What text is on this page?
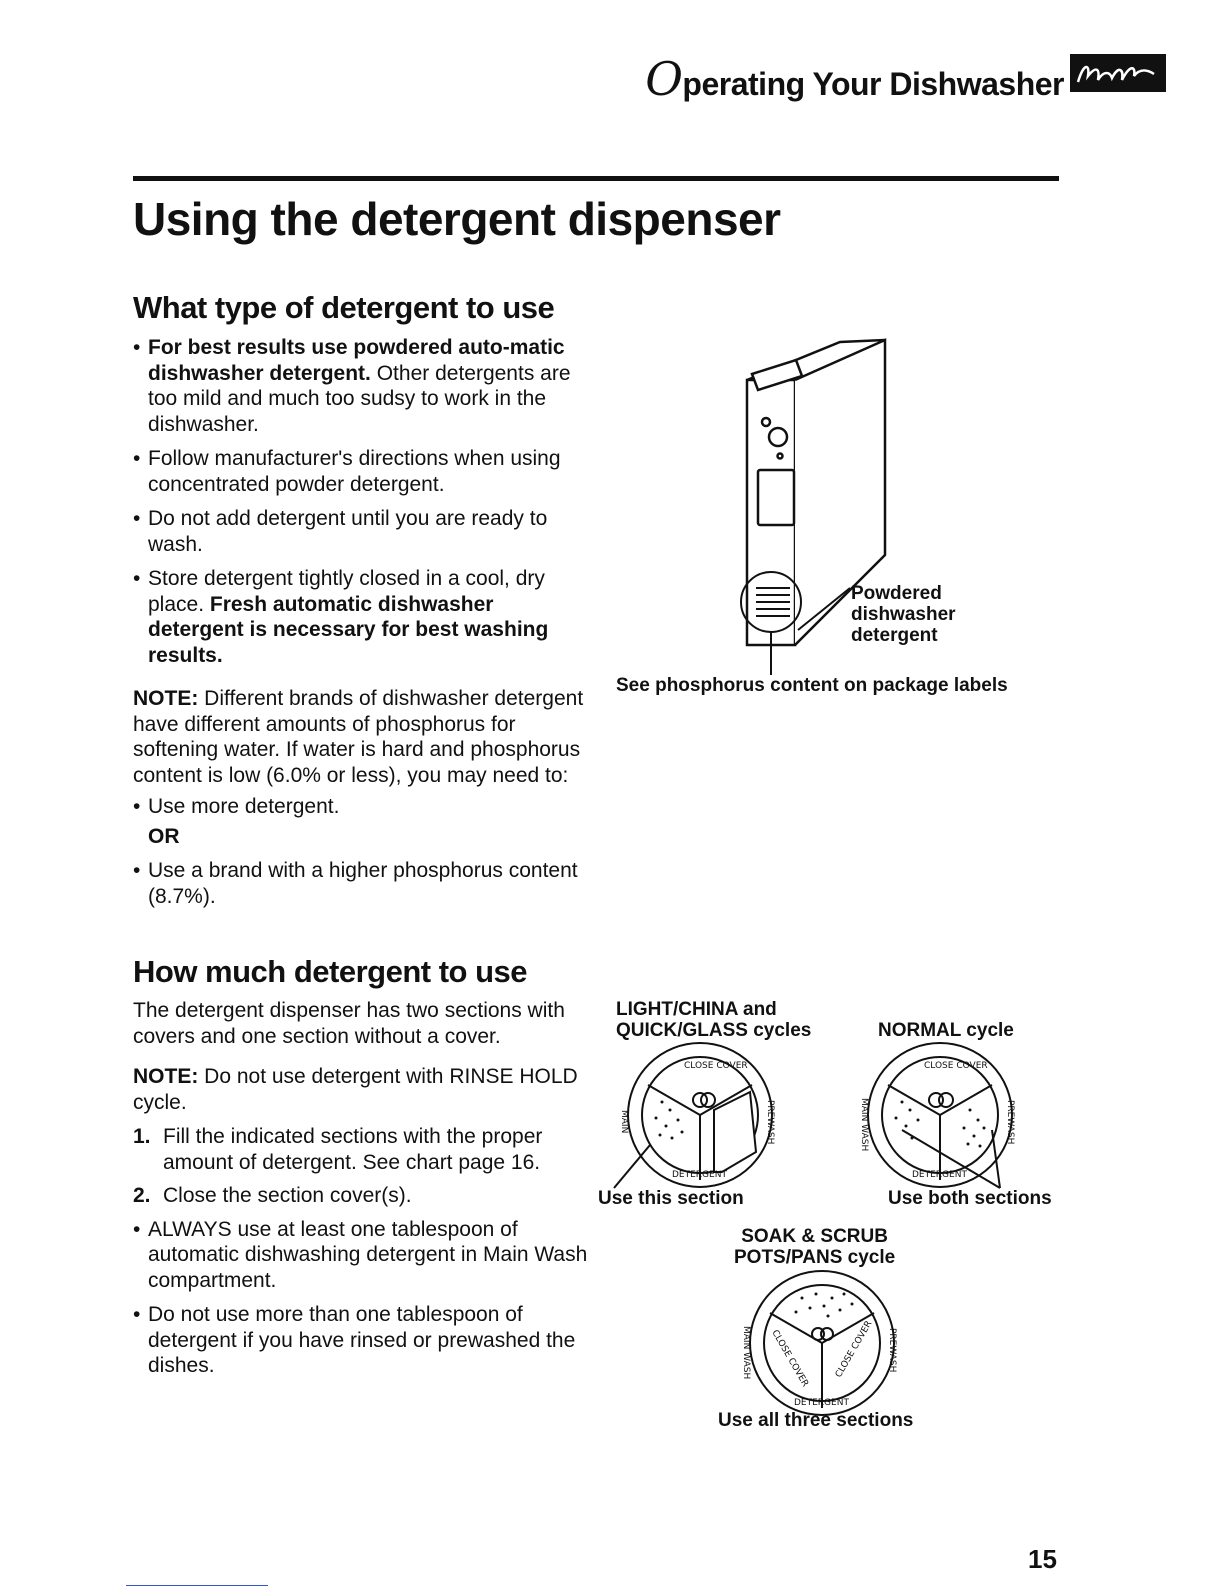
Operating Your Dishwasher
Using the detergent dispenser
What type of detergent to use

• For best results use powdered auto-matic dishwasher detergent. Other detergents are too mild and much too sudsy to work in the dishwasher.

• Follow manufacturer's directions when using concentrated powder detergent.

• Do not add detergent until you are ready to wash.

• Store detergent tightly closed in a cool, dry place. Fresh automatic dishwasher detergent is necessary for best washing results.

NOTE: Different brands of dishwasher detergent have different amounts of phosphorus for softening water. If water is hard and phosphorus content is low (6.0% or less), you may need to:

• Use more detergent.

OR

• Use a brand with a higher phosphorus content (8.7%).

Powdered
dishwasher
detergent
See phosphorus content on package labels
How much detergent to use

The detergent dispenser has two sections with covers and one section without a cover.

NOTE: Do not use detergent with RINSE HOLD cycle.

1. Fill the indicated sections with the proper amount of detergent. See chart page 16.

2. Close the section cover(s).

• ALWAYS use at least one tablespoon of automatic dishwashing detergent in Main Wash compartment.

• Do not use more than one tablespoon of detergent if you have rinsed or prewashed the dishes.

LIGHT/CHINA and
QUICK/GLASS cycles	NORMAL cycle
CLOSE COVER
DETERGENT
MAIN	PREWASH
CLOSE COVER
DETERGENT
MAIN WASH	PREWASH
Use this section	Use both sections
SOAK & SCRUB
POTS/PANS cycle
DETERGENT
MAIN WASH	PREWASH
CLOSE COVER	CLOSE COVER
Use all three sections
15
